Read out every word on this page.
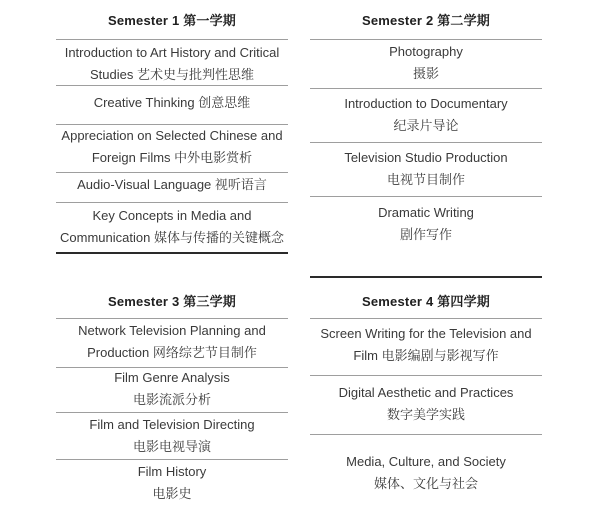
Semester 1 第一学期
Introduction to Art History and Critical
Studies 艺术史与批判性思维
Creative Thinking 创意思维
Appreciation on Selected Chinese and
Foreign Films 中外电影赏析
Audio-Visual Language 视听语言
Key Concepts in Media and
Communication 媒体与传播的关键概念
Semester 2 第二学期
Photography
摄影
Introduction to Documentary
纪录片导论
Television Studio Production
电视节目制作
Dramatic Writing
剧作写作
Semester 3 第三学期
Network Television Planning and
Production 网络综艺节目制作
Film Genre Analysis
电影流派分析
Film and Television Directing
电影电视导演
Film History
电影史
Semester 4 第四学期
Screen Writing for the Television and
Film 电影编剧与影视写作
Digital Aesthetic and Practices
数字美学实践
Media, Culture, and Society
媒体、文化与社会
